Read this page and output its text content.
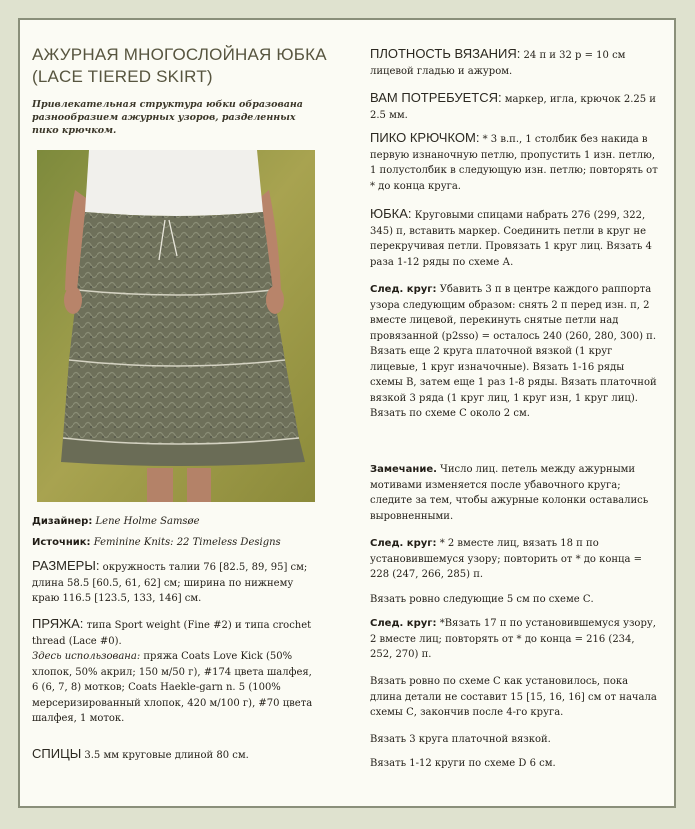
АЖУРНАЯ МНОГОСЛОЙНАЯ ЮБКА (LACE TIERED SKIRT)
Привлекательная структура юбки образована разнообразием ажурных узоров, разделенных пико крючком.
Дизайнер: Lene Holme Samsøe
Источник: Feminine Knits: 22 Timeless Designs
РАЗМЕРЫ: окружность талии 76 [82.5, 89, 95] см; длина 58.5 [60.5, 61, 62] см; ширина по нижнему краю 116.5 [123.5, 133, 146] см.
ПРЯЖА: типа Sport weight (Fine #2) и типа crochet thread (Lace #0).
Здесь использована: пряжа Coats Love Kick (50% хлопок, 50% акрил; 150 м/50 г), #174 цвета шалфея, 6 (6, 7, 8) мотков; Coats Haekle-garn n. 5 (100% мерсеризированный хлопок, 420 м/100 г), #70 цвета шалфея, 1 моток.
СПИЦЫ 3.5 мм круговые длиной 80 см.
ПЛОТНОСТЬ ВЯЗАНИЯ: 24 п и 32 р = 10 см лицевой гладью и ажуром.
ВАМ ПОТРЕБУЕТСЯ: маркер, игла, крючок 2.25 и 2.5 мм.
ПИКО КРЮЧКОМ: * 3 в.п., 1 столбик без накида в первую изнаночную петлю, пропустить 1 изн. петлю, 1 полустолбик в следующую изн. петлю; повторять от * до конца круга.
ЮБКА: Круговыми спицами набрать 276 (299, 322, 345) п, вставить маркер. Соединить петли в круг не перекручивая петли. Провязать 1 круг лиц. Вязать 4 раза 1-12 ряды по схеме А.
След. круг: Убавить 3 п в центре каждого раппорта узора следующим образом: снять 2 п перед изн. п, 2 вместе лицевой, перекинуть снятые петли над провязанной (p2sso) = осталось 240 (260, 280, 300) п. Вязать еще 2 круга платочной вязкой (1 круг лицевые, 1 круг изначочные). Вязать 1-16 ряды схемы В, затем еще 1 раз 1-8 ряды. Вязать платочной вязкой 3 ряда (1 круг лиц, 1 круг изн, 1 круг лиц). Вязать по схеме С около 2 см.
Замечание. Число лиц. петель между ажурными мотивами изменяется после убавочного круга; следите за тем, чтобы ажурные колонки оставались выровненными.
След. круг: * 2 вместе лиц, вязать 18 п по установившемуся узору; повторить от * до конца = 228 (247, 266, 285) п.
Вязать ровно следующие 5 см по схеме С.
След. круг: *Вязать 17 п по установившемуся узору, 2 вместе лиц; повторять от * до конца = 216 (234, 252, 270) п.
Вязать ровно по схеме С как установилось, пока длина детали не составит 15 [15, 16, 16] см от начала схемы С, закончив после 4-го круга.
Вязать 3 круга платочной вязкой.
Вязать 1-12 круги по схеме D 6 см.
